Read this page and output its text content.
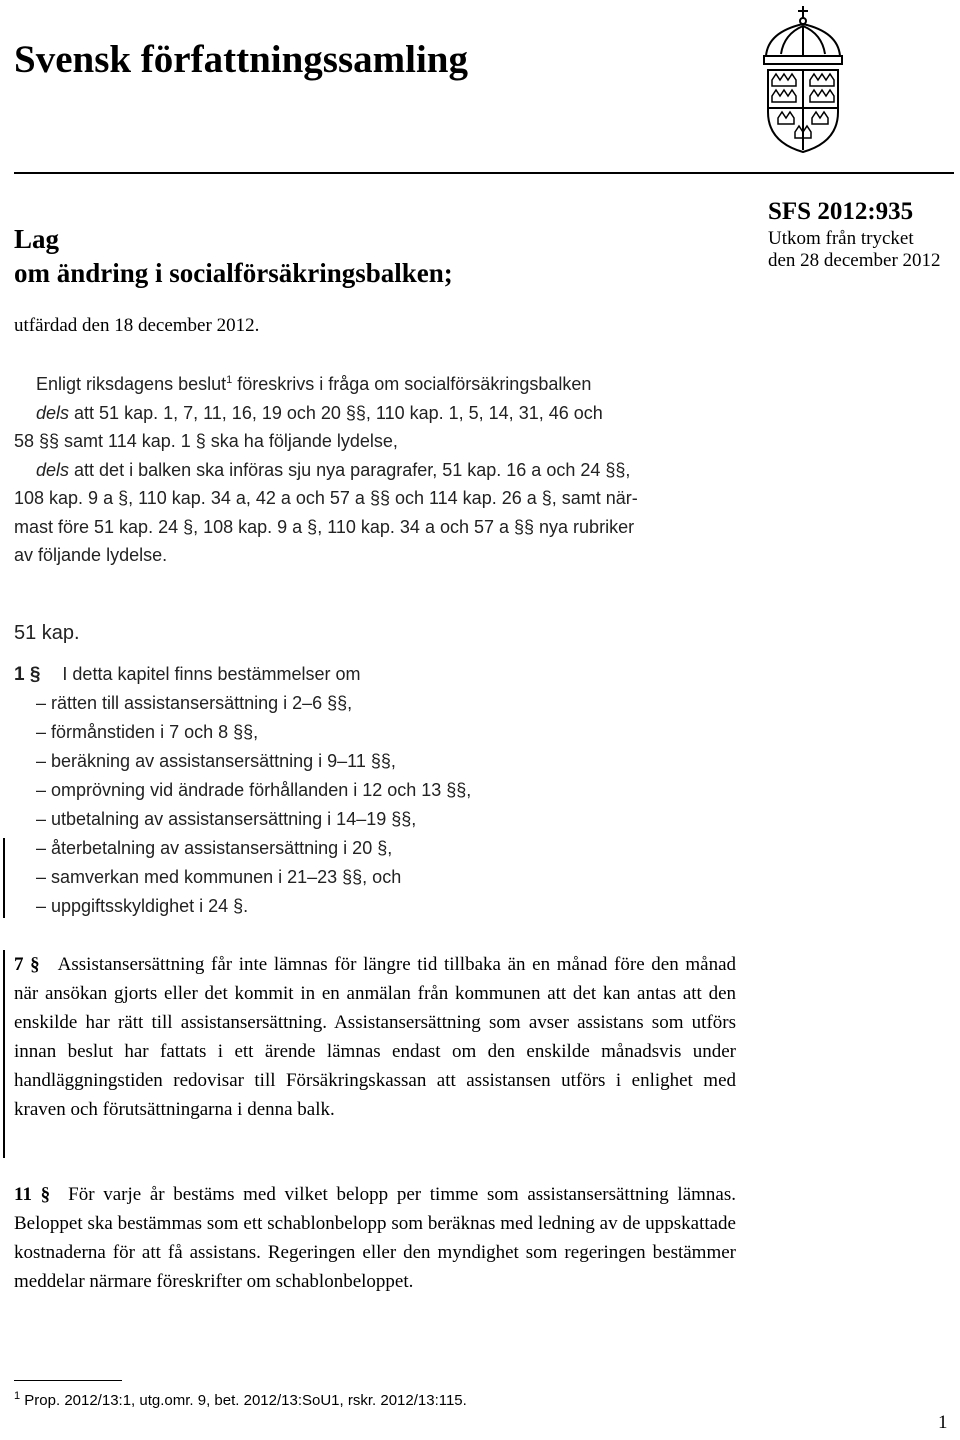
Svensk författningssamling
Lag
om ändring i socialförsäkringsbalken;
SFS 2012:935
Utkom från trycket
den 28 december 2012
utfärdad den 18 december 2012.
Enligt riksdagens beslut$^1$ föreskrivs i fråga om socialförsäkringsbalken
dels att 51 kap. 1, 7, 11, 16, 19 och 20 §§, 110 kap. 1, 5, 14, 31, 46 och
58 §§ samt 114 kap. 1 § ska ha följande lydelse,
dels att det i balken ska införas sju nya paragrafer, 51 kap. 16 a och 24 §§,
108 kap. 9 a §, 110 kap. 34 a, 42 a och 57 a §§ och 114 kap. 26 a §, samt när-
mast före 51 kap. 24 §, 108 kap. 9 a §, 110 kap. 34 a och 57 a §§ nya rubriker
av följande lydelse.
51 kap.
1 § I detta kapitel finns bestämmelser om
– rätten till assistansersättning i 2–6 §§,
– förmånstiden i 7 och 8 §§,
– beräkning av assistansersättning i 9–11 §§,
– omprövning vid ändrade förhållanden i 12 och 13 §§,
– utbetalning av assistansersättning i 14–19 §§,
– återbetalning av assistansersättning i 20 §,
– samverkan med kommunen i 21–23 §§, och
– uppgiftsskyldighet i 24 §.
7 § Assistansersättning får inte lämnas för längre tid tillbaka än en månad före den månad när ansökan gjorts eller det kommit in en anmälan från kommunen att det kan antas att den enskilde har rätt till assistansersättning. Assistansersättning som avser assistans som utförs innan beslut har fattats i ett ärende lämnas endast om den enskilde månadsvis under handläggningstiden redovisar till Försäkringskassan att assistansen utförs i enlighet med kraven och förutsättningarna i denna balk.
11 § För varje år bestäms med vilket belopp per timme som assistansersättning lämnas. Beloppet ska bestämmas som ett schablonbelopp som beräknas med ledning av de uppskattade kostnaderna för att få assistans. Regeringen eller den myndighet som regeringen bestämmer meddelar närmare föreskrifter om schablonbeloppet.
$^1$ Prop. 2012/13:1, utg.omr. 9, bet. 2012/13:SoU1, rskr. 2012/13:115.
1
